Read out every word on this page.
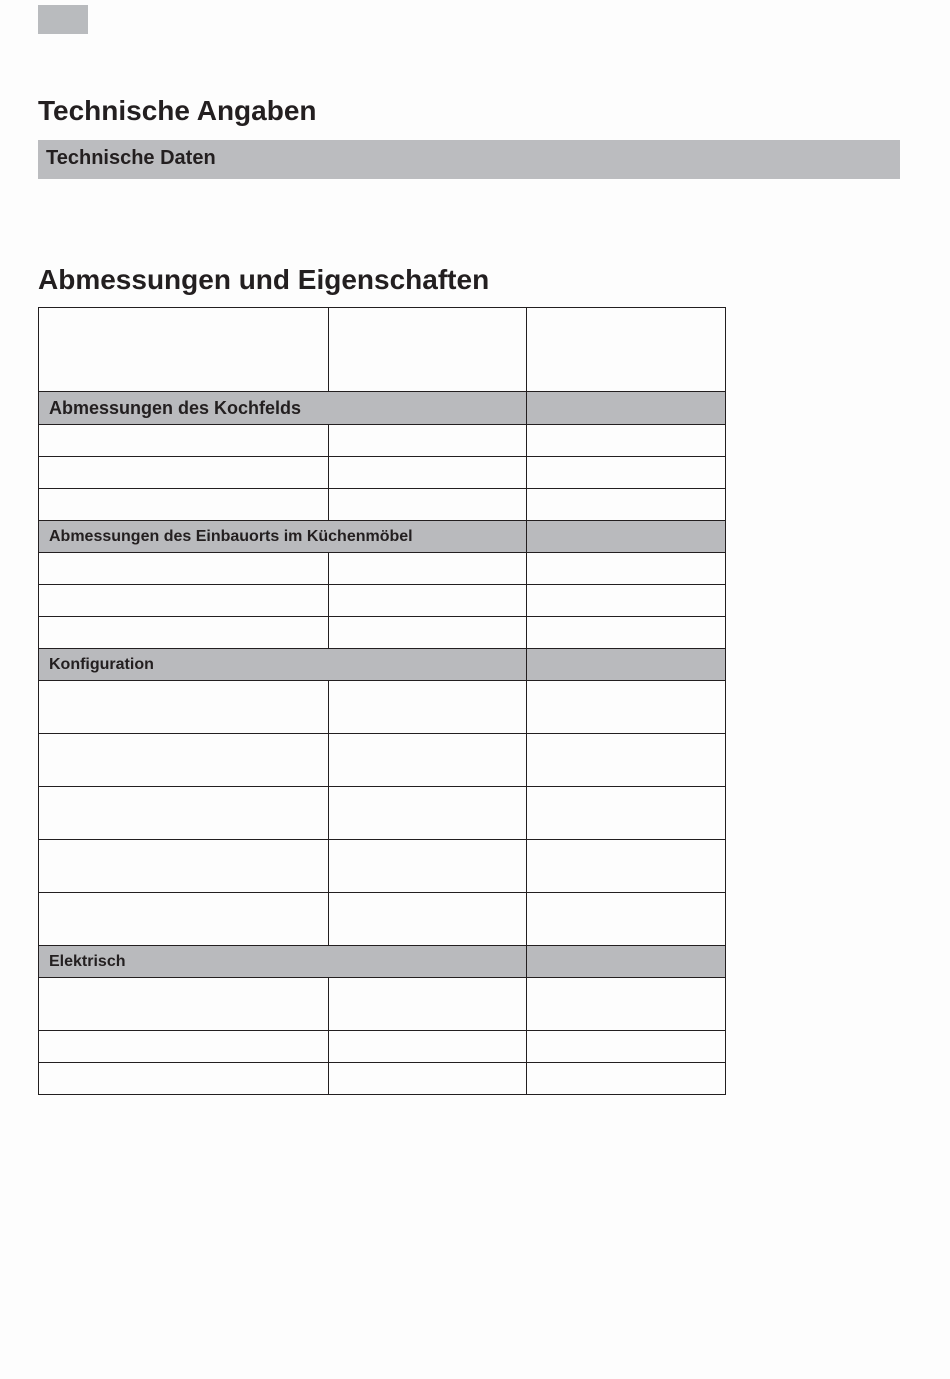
Technische Angaben
Technische Daten
Abmessungen und Eigenschaften

Abmessungen des Kochfelds		

Abmessungen des Einbauorts im Küchenmöbel		

Konfiguration		

Elektrisch		
